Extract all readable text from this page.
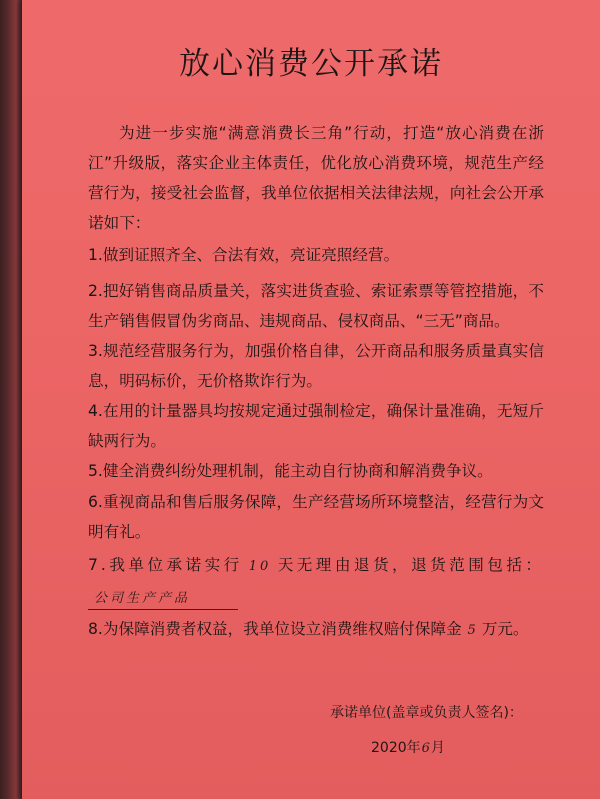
放心消费公开承诺

为进一步实施“满意消费长三角”行动，打造“放心消费在浙江”升级版，落实企业主体责任，优化放心消费环境，规范生产经营行为，接受社会监督，我单位依据相关法律法规，向社会公开承诺如下：

1.做到证照齐全、合法有效，亮证亮照经营。

2.把好销售商品质量关，落实进货查验、索证索票等管控措施，不生产销售假冒伪劣商品、违规商品、侵权商品、“三无”商品。

3.规范经营服务行为，加强价格自律，公开商品和服务质量真实信息，明码标价，无价格欺诈行为。

4.在用的计量器具均按规定通过强制检定，确保计量准确，无短斤缺两行为。

5.健全消费纠纷处理机制，能主动自行协商和解消费争议。

6.重视商品和售后服务保障，生产经营场所环境整洁，经营行为文明有礼。

7.我单位承诺实行 10 天无理由退货，退货范围包括：公司生产产品

8.为保障消费者权益，我单位设立消费维权赔付保障金 5 万元。

承诺单位(盖章或负责人签名)：
2020年6月
